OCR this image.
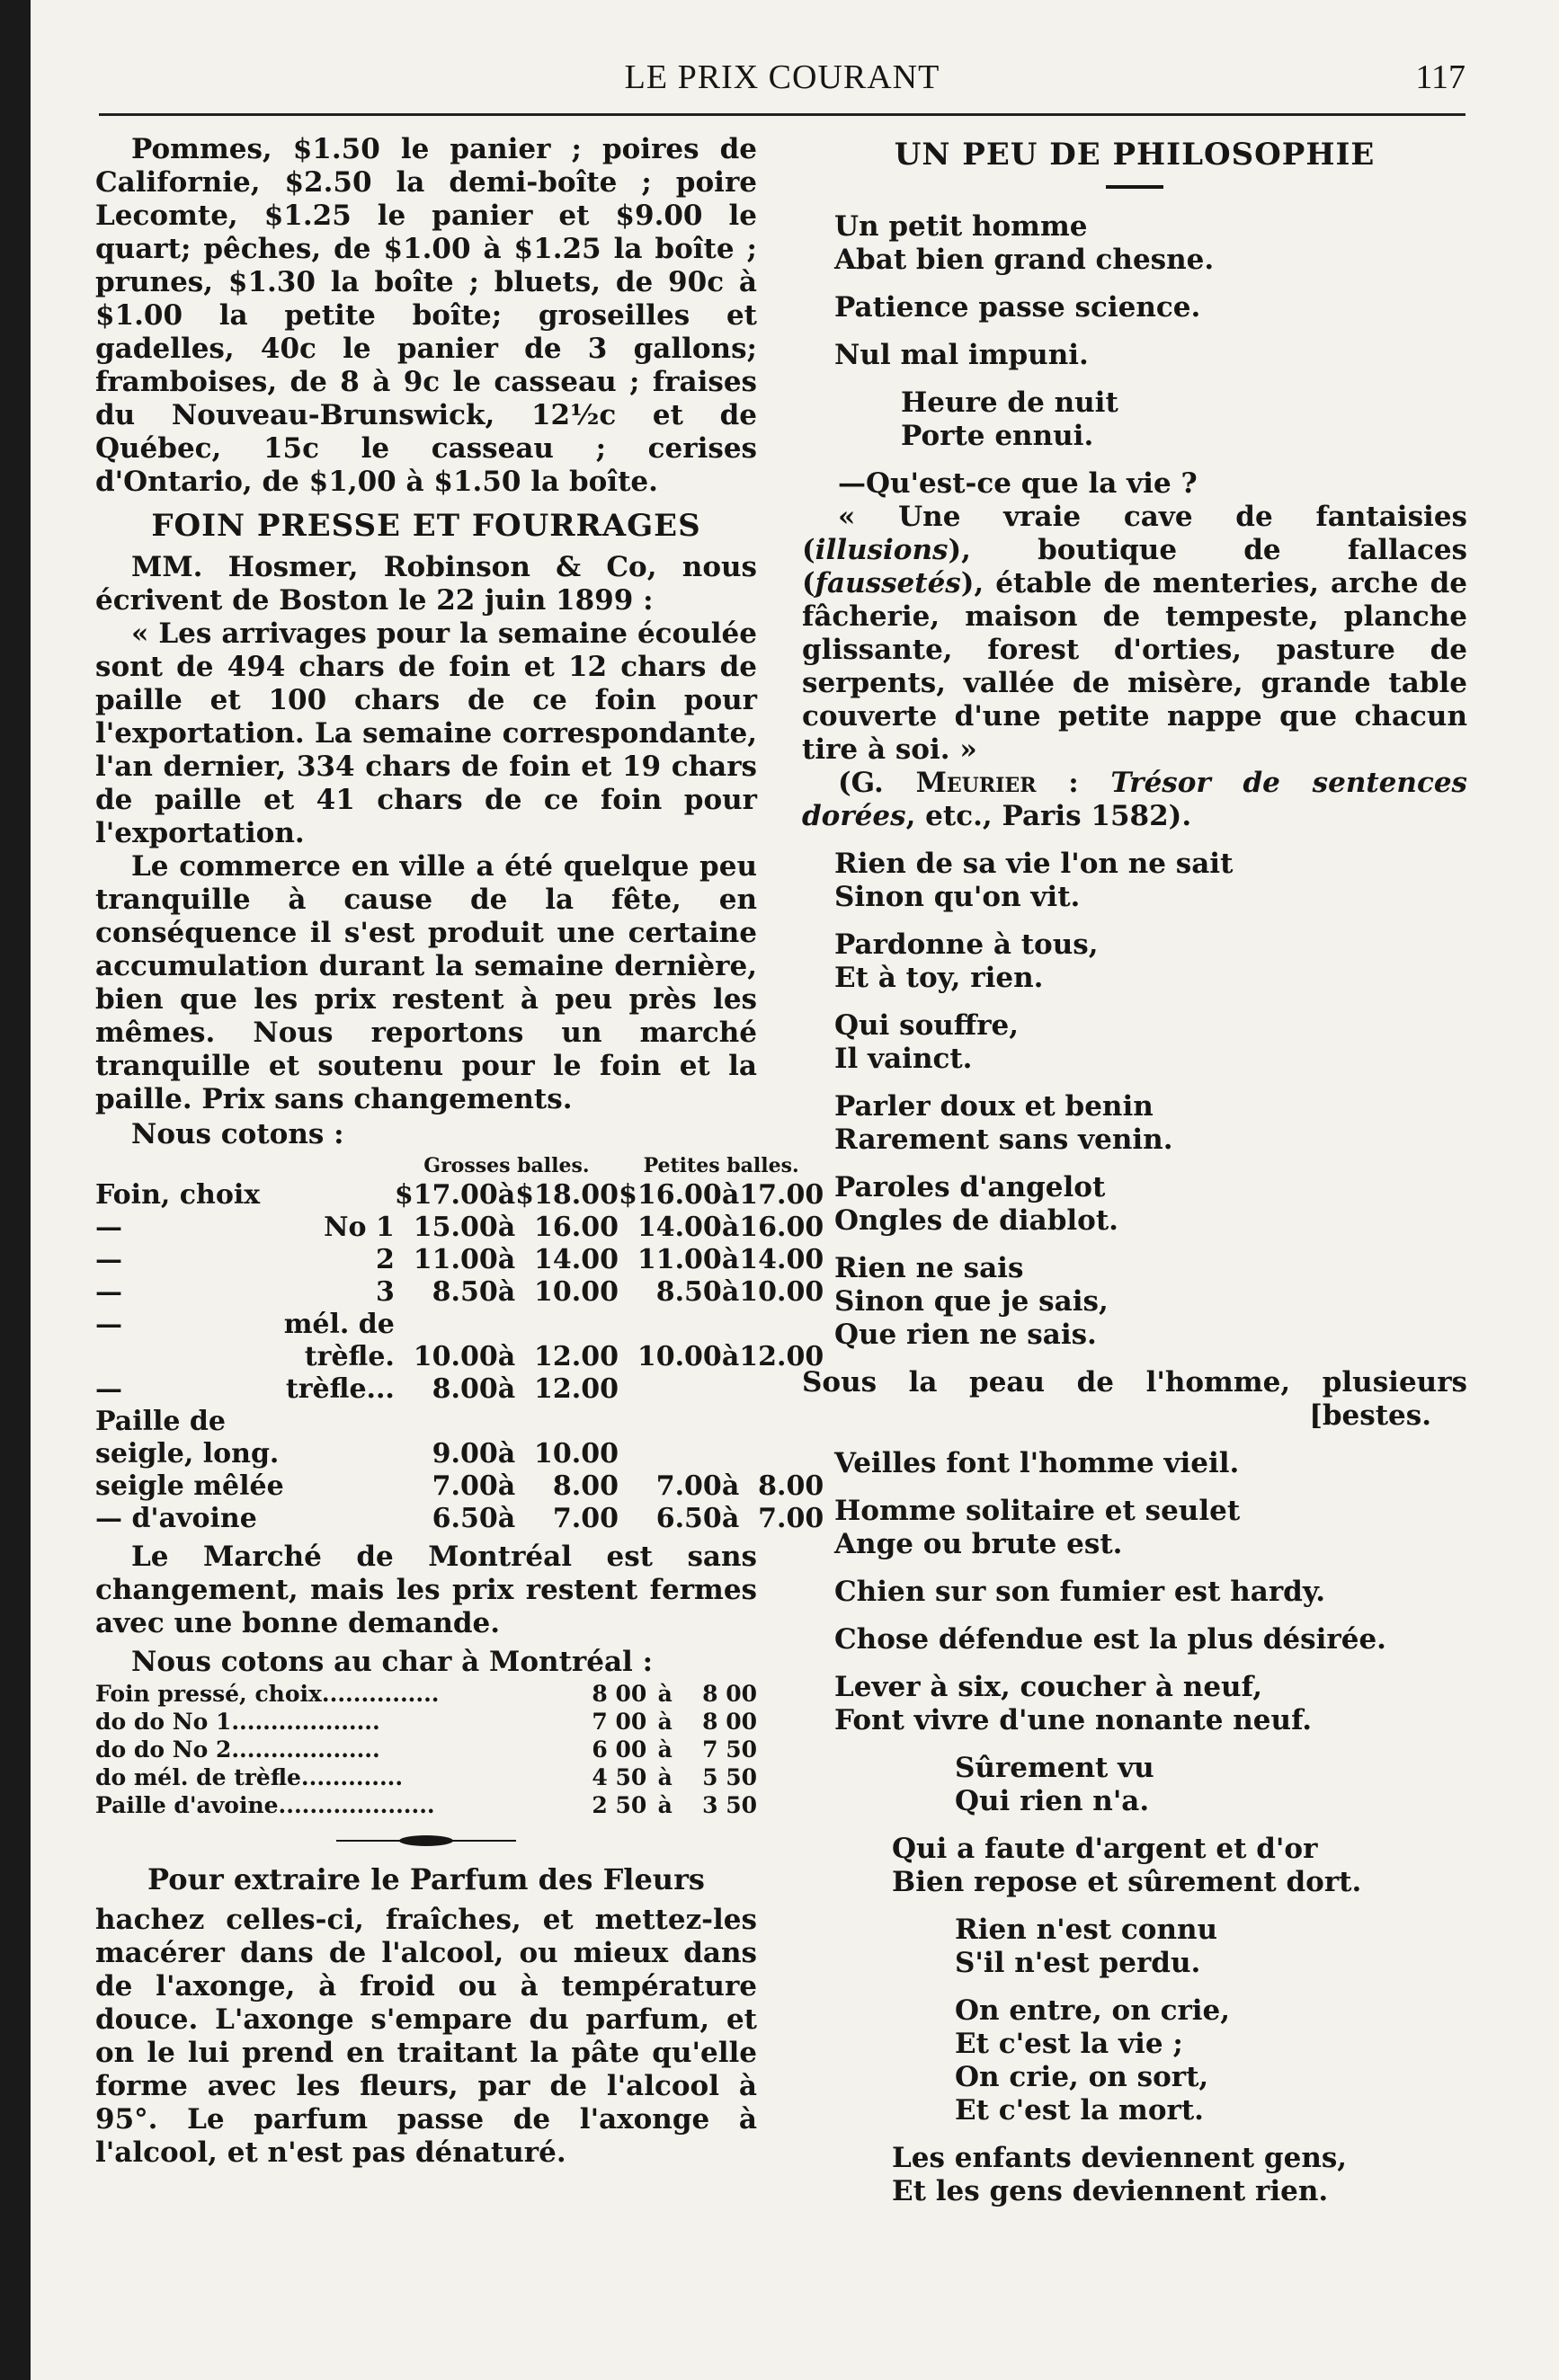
LE PRIX COURANT	117

Pommes, $1.50 le panier ; poires de Californie, $2.50 la demi-boîte ; poire Lecomte, $1.25 le panier et $9.00 le quart; pêches, de $1.00 à $1.25 la boîte ; prunes, $1.30 la boîte ; bluets, de 90c à $1.00 la petite boîte; groseilles et gadelles, 40c le panier de 3 gallons; framboises, de 8 à 9c le casseau ; fraises du Nouveau-Brunswick, 12½c et de Québec, 15c le casseau ; cerises d'Ontario, de $1,00 à $1.50 la boîte.

FOIN PRESSE ET FOURRAGES

MM. Hosmer, Robinson & Co, nous écrivent de Boston le 22 juin 1899 :

« Les arrivages pour la semaine écoulée sont de 494 chars de foin et 12 chars de paille et 100 chars de ce foin pour l'exportation. La semaine correspondante, l'an dernier, 334 chars de foin et 19 chars de paille et 41 chars de ce foin pour l'exportation.

Le commerce en ville a été quelque peu tranquille à cause de la fête, en conséquence il s'est produit une certaine accumulation durant la semaine dernière, bien que les prix restent à peu près les mêmes. Nous reportons un marché tranquille et soutenu pour le foin et la paille. Prix sans changements.

Nous cotons :
		Grosses balles.			Petites balles.		
Foin, choix		$17.00	à	$18.00	$16.00	à	17.00
—	No 1	15.00	à	16.00	14.00	à	16.00
—	2	11.00	à	14.00	11.00	à	14.00
—	3	8.50	à	10.00	8.50	à	10.00
—	mél. de						
	trèfle.	10.00	à	12.00	10.00	à	12.00
—	trèfle...	8.00	à	12.00			
Paille de							
seigle, long.		9.00	à	10.00			
seigle mêlée		7.00	à	8.00	7.00	à	8.00
— d'avoine		6.50	à	7.00	6.50	à	7.00

Le Marché de Montréal est sans changement, mais les prix restent fermes avec une bonne demande.

Nous cotons au char à Montréal :
Foin pressé, choix...............	8 00	à	8 00
do do No 1...................	7 00	à	8 00
do do No 2...................	6 00	à	7 50
do mél. de trèfle.............	4 50	à	5 50
Paille d'avoine....................	2 50	à	3 50
Pour extraire le Parfum des Fleurs

hachez celles-ci, fraîches, et mettez-les macérer dans de l'alcool, ou mieux dans de l'axonge, à froid ou à température douce. L'axonge s'empare du parfum, et on le lui prend en traitant la pâte qu'elle forme avec les fleurs, par de l'alcool à 95°. Le parfum passe de l'axonge à l'alcool, et n'est pas dénaturé.

UN PEU DE PHILOSOPHIE
Un petit homme
Abat bien grand chesne.
Patience passe science.
Nul mal impuni.
Heure de nuit
Porte ennui.

—Qu'est-ce que la vie ?

« Une vraie cave de fantaisies (illusions), boutique de fallaces (faussetés), étable de menteries, arche de fâcherie, maison de tempeste, planche glissante, forest d'orties, pasture de serpents, vallée de misère, grande table couverte d'une petite nappe que chacun tire à soi. »

(G. Meurier : Trésor de sentences dorées, etc., Paris 1582).

Rien de sa vie l'on ne sait
Sinon qu'on vit.
Pardonne à tous,
Et à toy, rien.
Qui souffre,
Il vainct.
Parler doux et benin
Rarement sans venin.
Paroles d'angelot
Ongles de diablot.
Rien ne sais
Sinon que je sais,
Que rien ne sais.
Sous la peau de l'homme, plusieurs
[bestes.
Veilles font l'homme vieil.
Homme solitaire et seulet
Ange ou brute est.
Chien sur son fumier est hardy.
Chose défendue est la plus désirée.
Lever à six, coucher à neuf,
Font vivre d'une nonante neuf.
Sûrement vu
Qui rien n'a.
Qui a faute d'argent et d'or
Bien repose et sûrement dort.
Rien n'est connu
S'il n'est perdu.
On entre, on crie,
Et c'est la vie ;
On crie, on sort,
Et c'est la mort.
Les enfants deviennent gens,
Et les gens deviennent rien.
